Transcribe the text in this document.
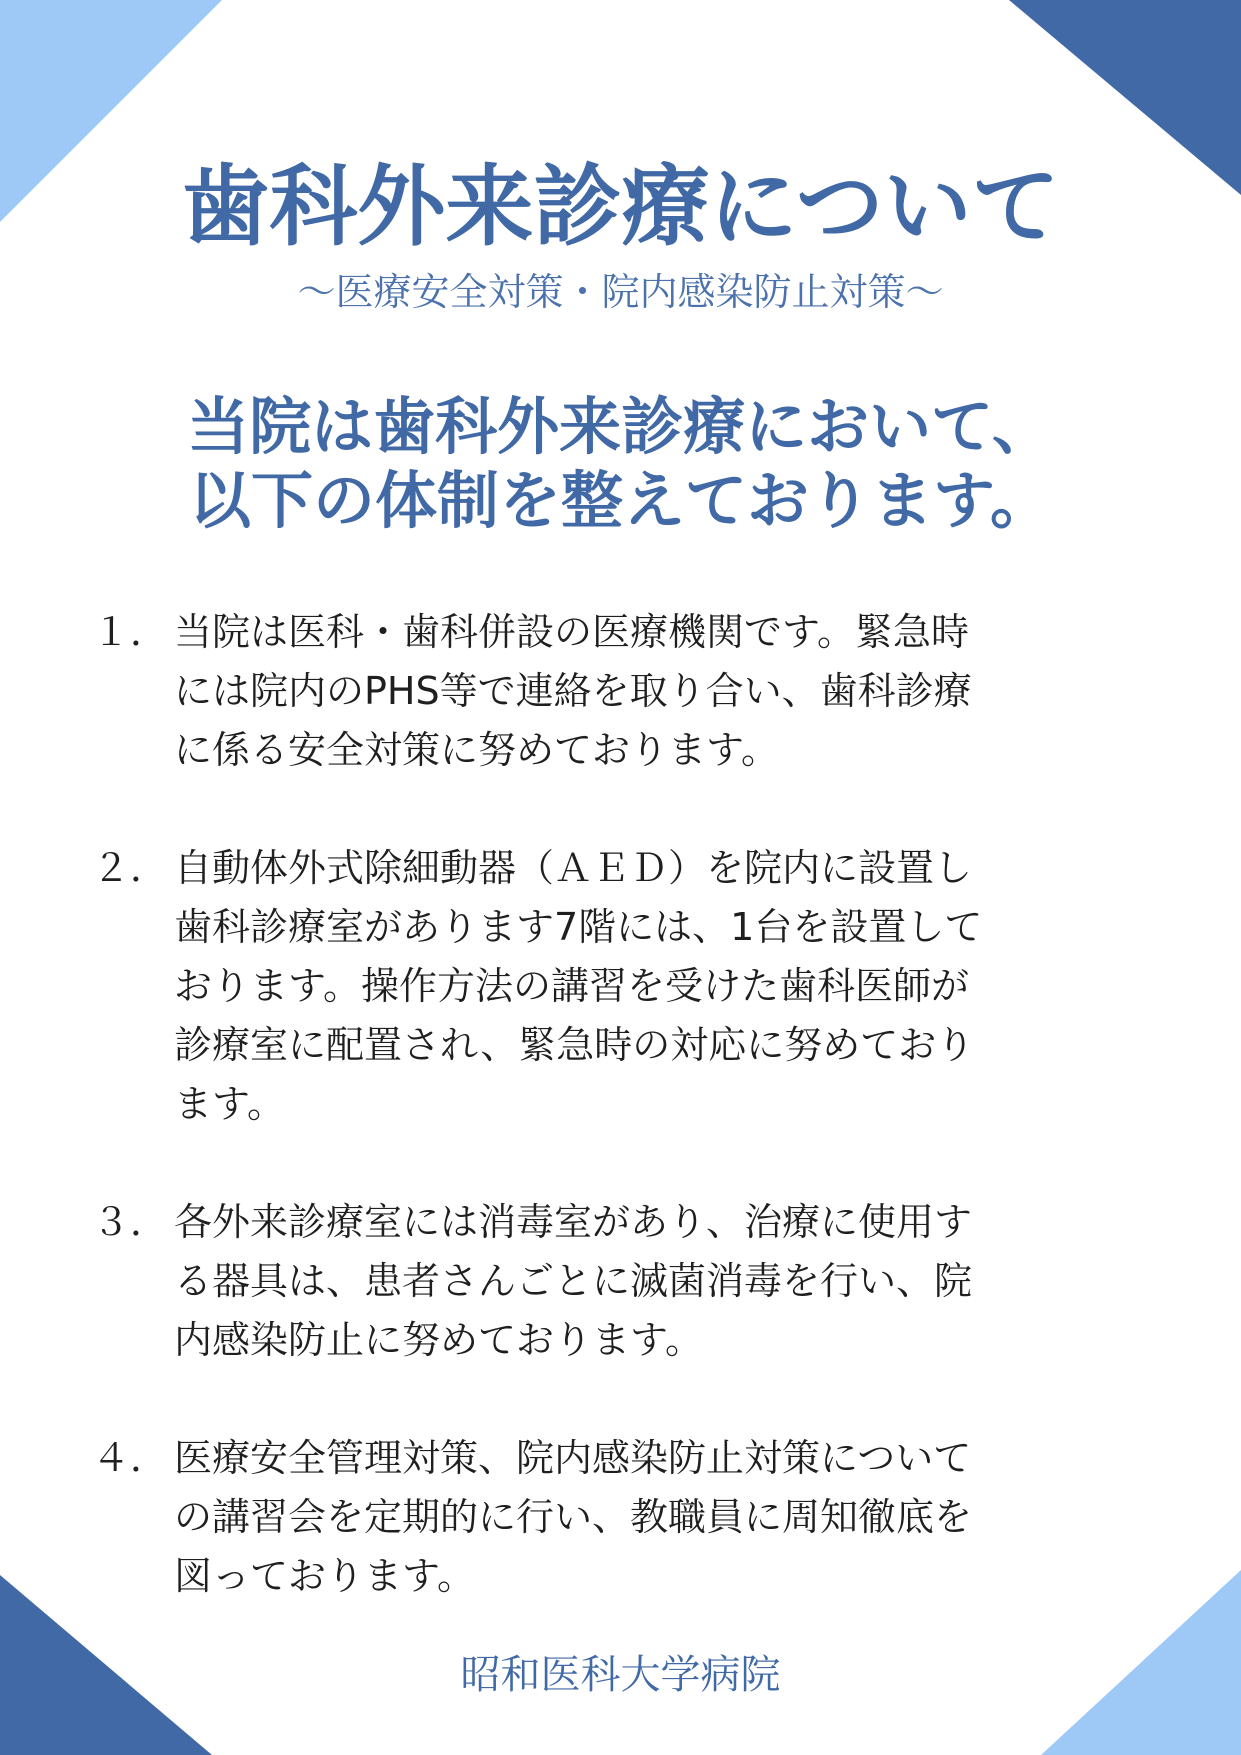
歯科外来診療について

～医療安全対策・院内感染防止対策～

当院は歯科外来診療において、
以下の体制を整えております。
１． 当院は医科・歯科併設の医療機関です。緊急時
には院内のPHS等で連絡を取り合い、歯科診療
に係る安全対策に努めております。
２． 自動体外式除細動器（ＡＥＤ）を院内に設置し
歯科診療室があります7階には、1台を設置して
おります。操作方法の講習を受けた歯科医師が
診療室に配置され、緊急時の対応に努めており
ます。
３． 各外来診療室には消毒室があり、治療に使用す
る器具は、患者さんごとに滅菌消毒を行い、院
内感染防止に努めております。
４． 医療安全管理対策、院内感染防止対策について
の講習会を定期的に行い、教職員に周知徹底を
図っております。

昭和医科大学病院
